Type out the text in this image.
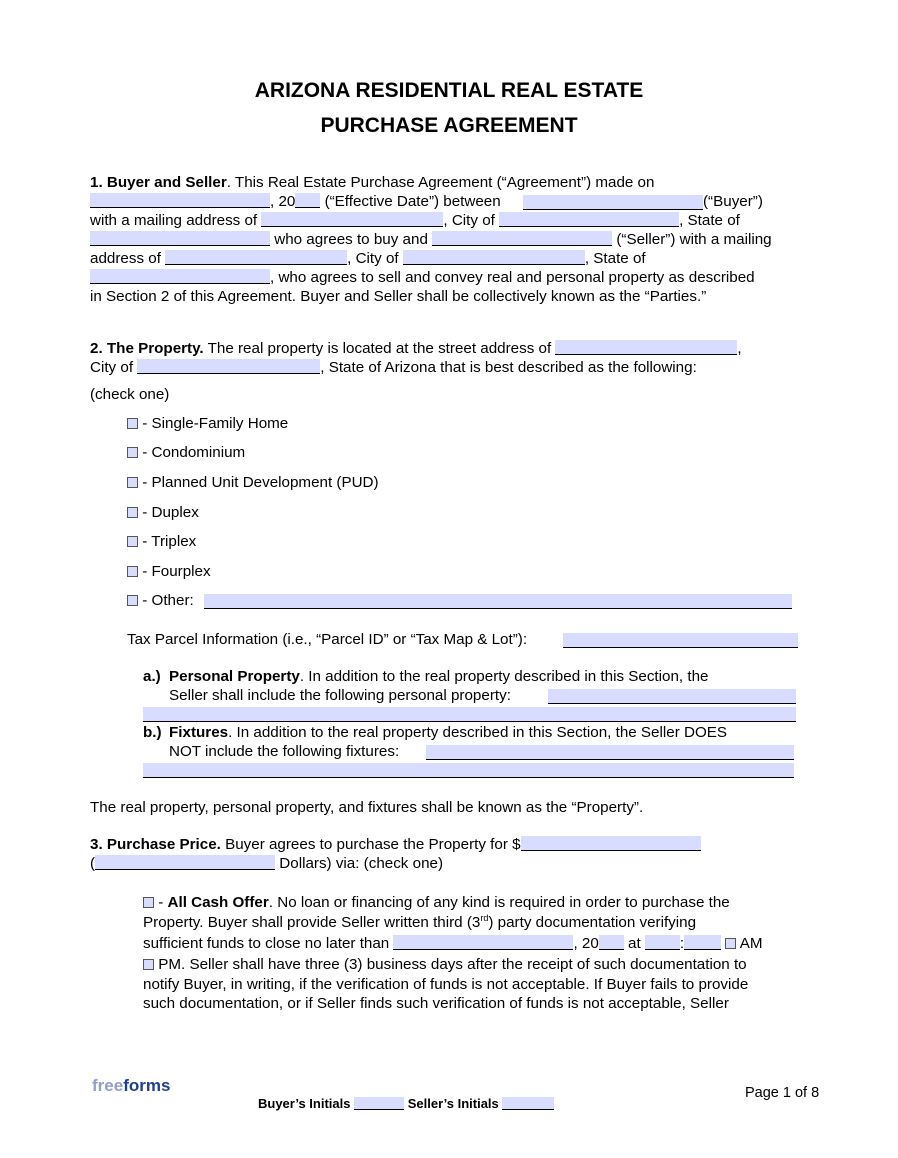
ARIZONA RESIDENTIAL REAL ESTATE
PURCHASE AGREEMENT
1. Buyer and Seller. This Real Estate Purchase Agreement (“Agreement”) made on
, 20 (“Effective Date”) between	(“Buyer”)
with a mailing address of	, City of	, State of
who agrees to buy and	(“Seller”) with a mailing
address of	, City of	, State of
, who agrees to sell and convey real and personal property as described
in Section 2 of this Agreement. Buyer and Seller shall be collectively known as the “Parties.”
2. The Property. The real property is located at the street address of	,
City of	, State of Arizona that is best described as the following:
(check one)
- Single-Family Home
- Condominium
- Planned Unit Development (PUD)
- Duplex
- Triplex
- Fourplex
- Other:
Tax Parcel Information (i.e., “Parcel ID” or “Tax Map & Lot”):
a.) Personal Property. In addition to the real property described in this Section, the
Seller shall include the following personal property:
b.) Fixtures. In addition to the real property described in this Section, the Seller DOES
NOT include the following fixtures:
The real property, personal property, and fixtures shall be known as the “Property”.
3. Purchase Price. Buyer agrees to purchase the Property for $
(	Dollars) via: (check one)
- All Cash Offer. No loan or financing of any kind is required in order to purchase the
Property. Buyer shall provide Seller written third (3rd) party documentation verifying
sufficient funds to close no later than	, 20 at :	AM
PM. Seller shall have three (3) business days after the receipt of such documentation to
notify Buyer, in writing, if the verification of funds is not acceptable. If Buyer fails to provide
such documentation, or if Seller finds such verification of funds is not acceptable, Seller
freeforms
Buyer’s Initials	Seller’s Initials
Page 1 of 8
